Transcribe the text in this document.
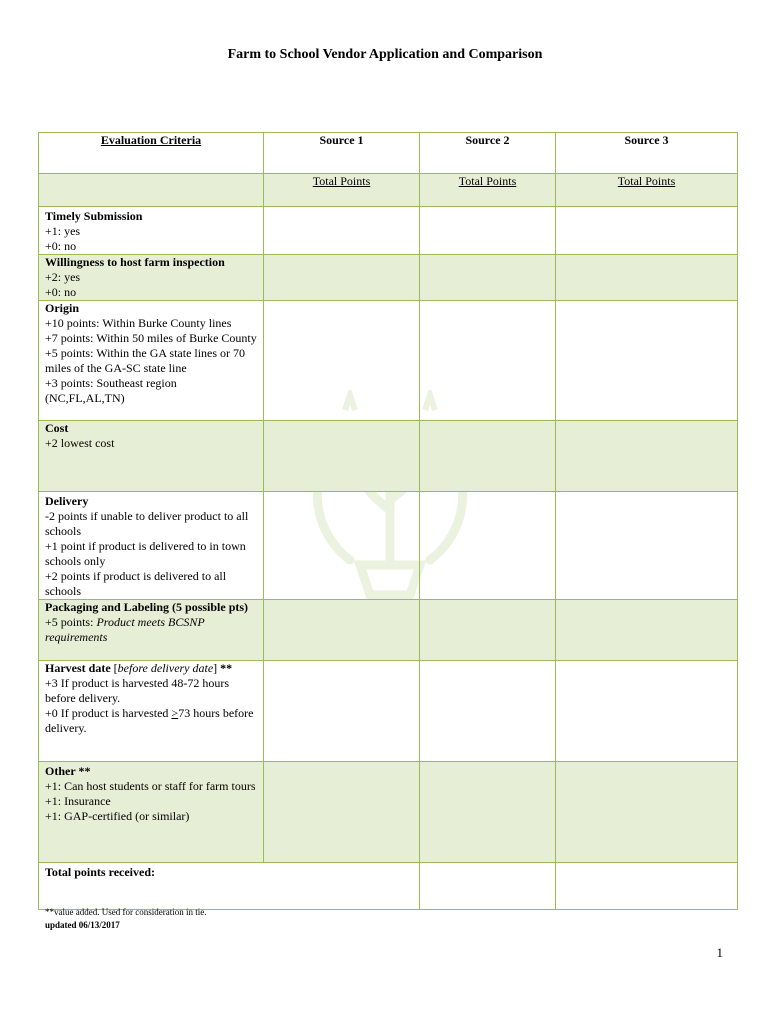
Farm to School Vendor Application and Comparison
Evaluation Criteria	Source 1	Source 2	Source 3
	Total Points	Total Points	Total Points

Timely Submission
+1: yes
+0: no			

Willingness to host farm inspection
+2: yes
+0: no			

Origin
+10 points: Within Burke County lines
+7 points: Within 50 miles of Burke County
+5 points: Within the GA state lines or 70 miles of the GA-SC state line
+3 points: Southeast region (NC,FL,AL,TN)			

Cost
+2 lowest cost			

Delivery
-2 points if unable to deliver product to all schools
+1 point if product is delivered to in town schools only
+2 points if product is delivered to all schools			

Packaging and Labeling (5 possible pts)
+5 points: Product meets BCSNP requirements			

Harvest date [before delivery date] **
+3 If product is harvested 48-72 hours before delivery.
+0 If product is harvested ≥73 hours before delivery.			

Other **
+1: Can host students or staff for farm tours
+1: Insurance
+1: GAP-certified (or similar)			

Total points received:			
**value added. Used for consideration in tie.
updated 06/13/2017
1
